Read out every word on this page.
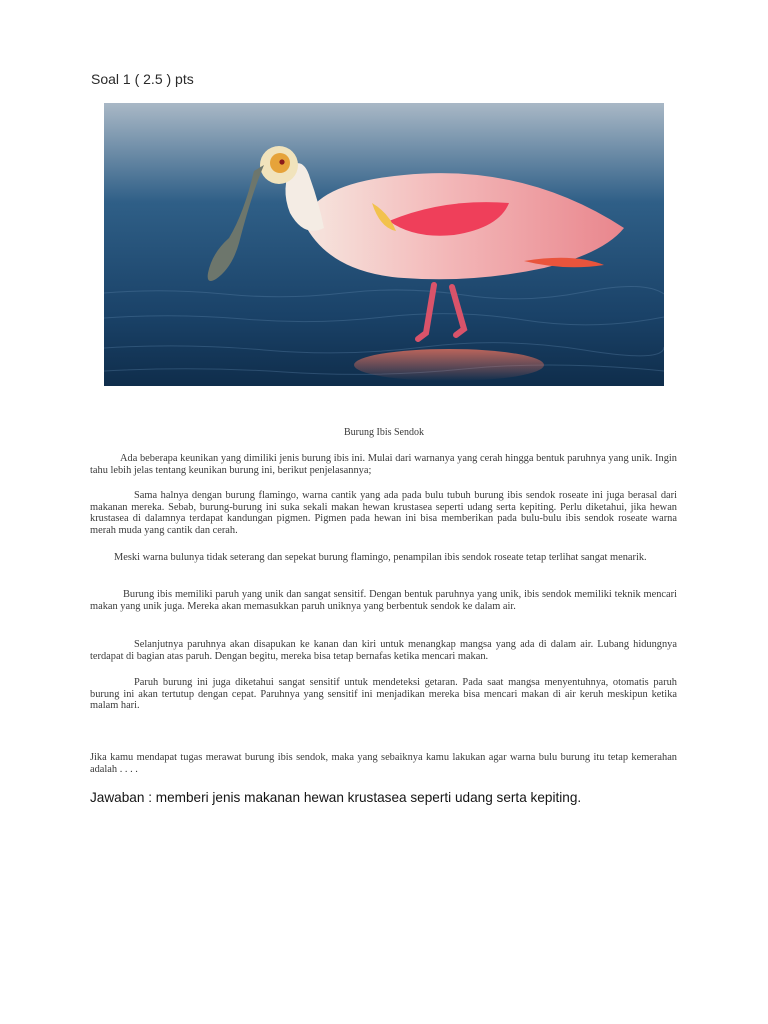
Soal 1 ( 2.5 ) pts
Burung Ibis Sendok

Ada beberapa keunikan yang dimiliki jenis burung ibis ini. Mulai dari warnanya yang cerah hingga bentuk paruhnya yang unik. Ingin tahu lebih jelas tentang keunikan burung ini, berikut penjelasannya;

Sama halnya dengan burung flamingo, warna cantik yang ada pada bulu tubuh burung ibis sendok roseate ini juga berasal dari makanan mereka. Sebab, burung-burung ini suka sekali makan hewan krustasea seperti udang serta kepiting. Perlu diketahui, jika hewan krustasea di dalamnya terdapat kandungan pigmen. Pigmen pada hewan ini bisa memberikan pada bulu-bulu ibis sendok roseate warna merah muda yang cantik dan cerah.

Meski warna bulunya tidak seterang dan sepekat burung flamingo, penampilan ibis sendok roseate tetap terlihat sangat menarik.

Burung ibis memiliki paruh yang unik dan sangat sensitif. Dengan bentuk paruhnya yang unik, ibis sendok memiliki teknik mencari makan yang unik juga. Mereka akan memasukkan paruh uniknya yang berbentuk sendok ke dalam air.

Selanjutnya paruhnya akan disapukan ke kanan dan kiri untuk menangkap mangsa yang ada di dalam air. Lubang hidungnya terdapat di bagian atas paruh. Dengan begitu, mereka bisa tetap bernafas ketika mencari makan.

Paruh burung ini juga diketahui sangat sensitif untuk mendeteksi getaran. Pada saat mangsa menyentuhnya, otomatis paruh burung ini akan tertutup dengan cepat. Paruhnya yang sensitif ini menjadikan mereka bisa mencari makan di air keruh meskipun ketika malam hari.

Jika kamu mendapat tugas merawat burung ibis sendok, maka yang sebaiknya kamu lakukan agar warna bulu burung itu tetap kemerahan adalah . . . .

Jawaban : memberi jenis makanan hewan krustasea seperti udang serta kepiting.
